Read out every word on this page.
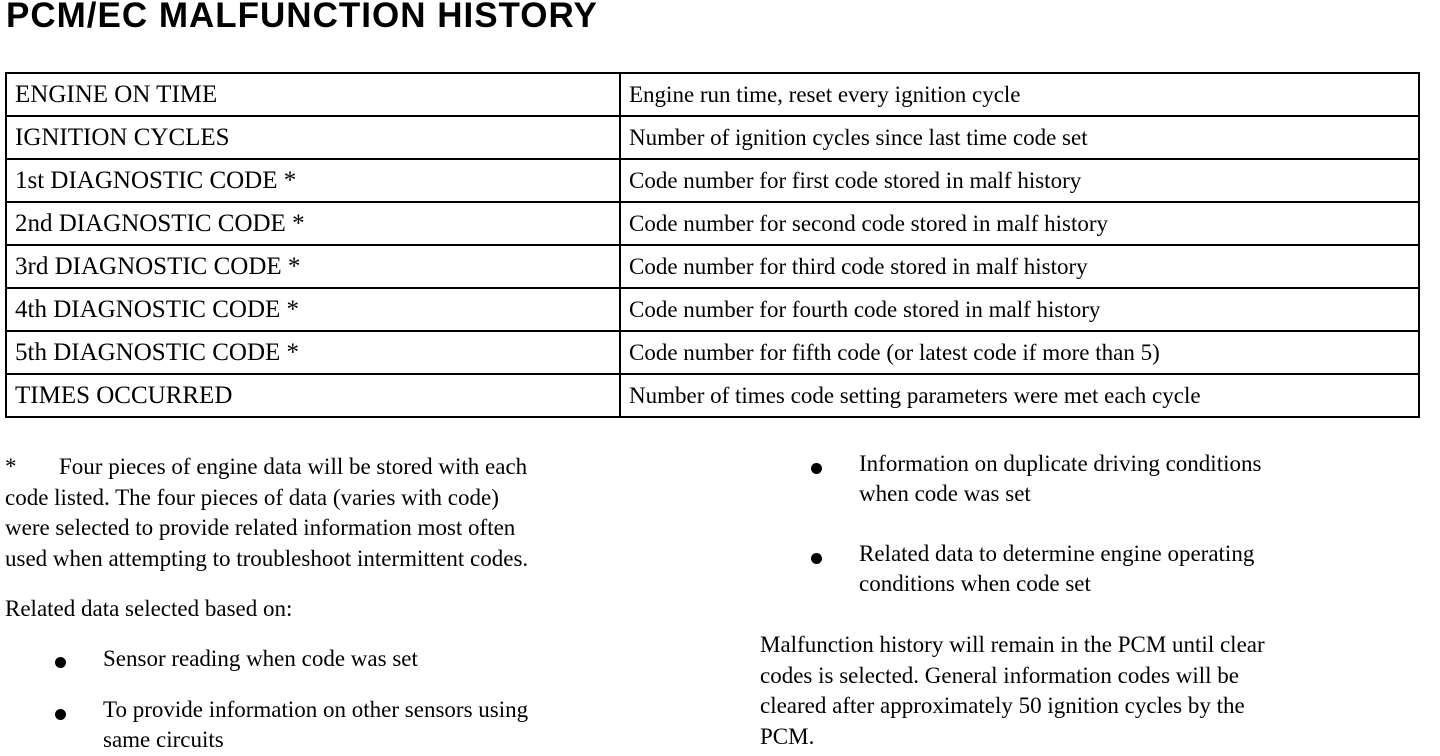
PCM/EC MALFUNCTION HISTORY
ENGINE ON TIME	Engine run time, reset every ignition cycle
IGNITION CYCLES	Number of ignition cycles since last time code set
1st DIAGNOSTIC CODE *	Code number for first code stored in malf history
2nd DIAGNOSTIC CODE *	Code number for second code stored in malf history
3rd DIAGNOSTIC CODE *	Code number for third code stored in malf history
4th DIAGNOSTIC CODE *	Code number for fourth code stored in malf history
5th DIAGNOSTIC CODE *	Code number for fifth code (or latest code if more than 5)
TIMES OCCURRED	Number of times code setting parameters were met each cycle

* Four pieces of engine data will be stored with each
code listed. The four pieces of data (varies with code)
were selected to provide related information most often
used when attempting to troubleshoot intermittent codes.

Related data selected based on:

Sensor reading when code was set
To provide information on other sensors using
same circuits
Information on duplicate driving conditions
when code was set
Related data to determine engine operating
conditions when code set

Malfunction history will remain in the PCM until clear
codes is selected. General information codes will be
cleared after approximately 50 ignition cycles by the
PCM.
